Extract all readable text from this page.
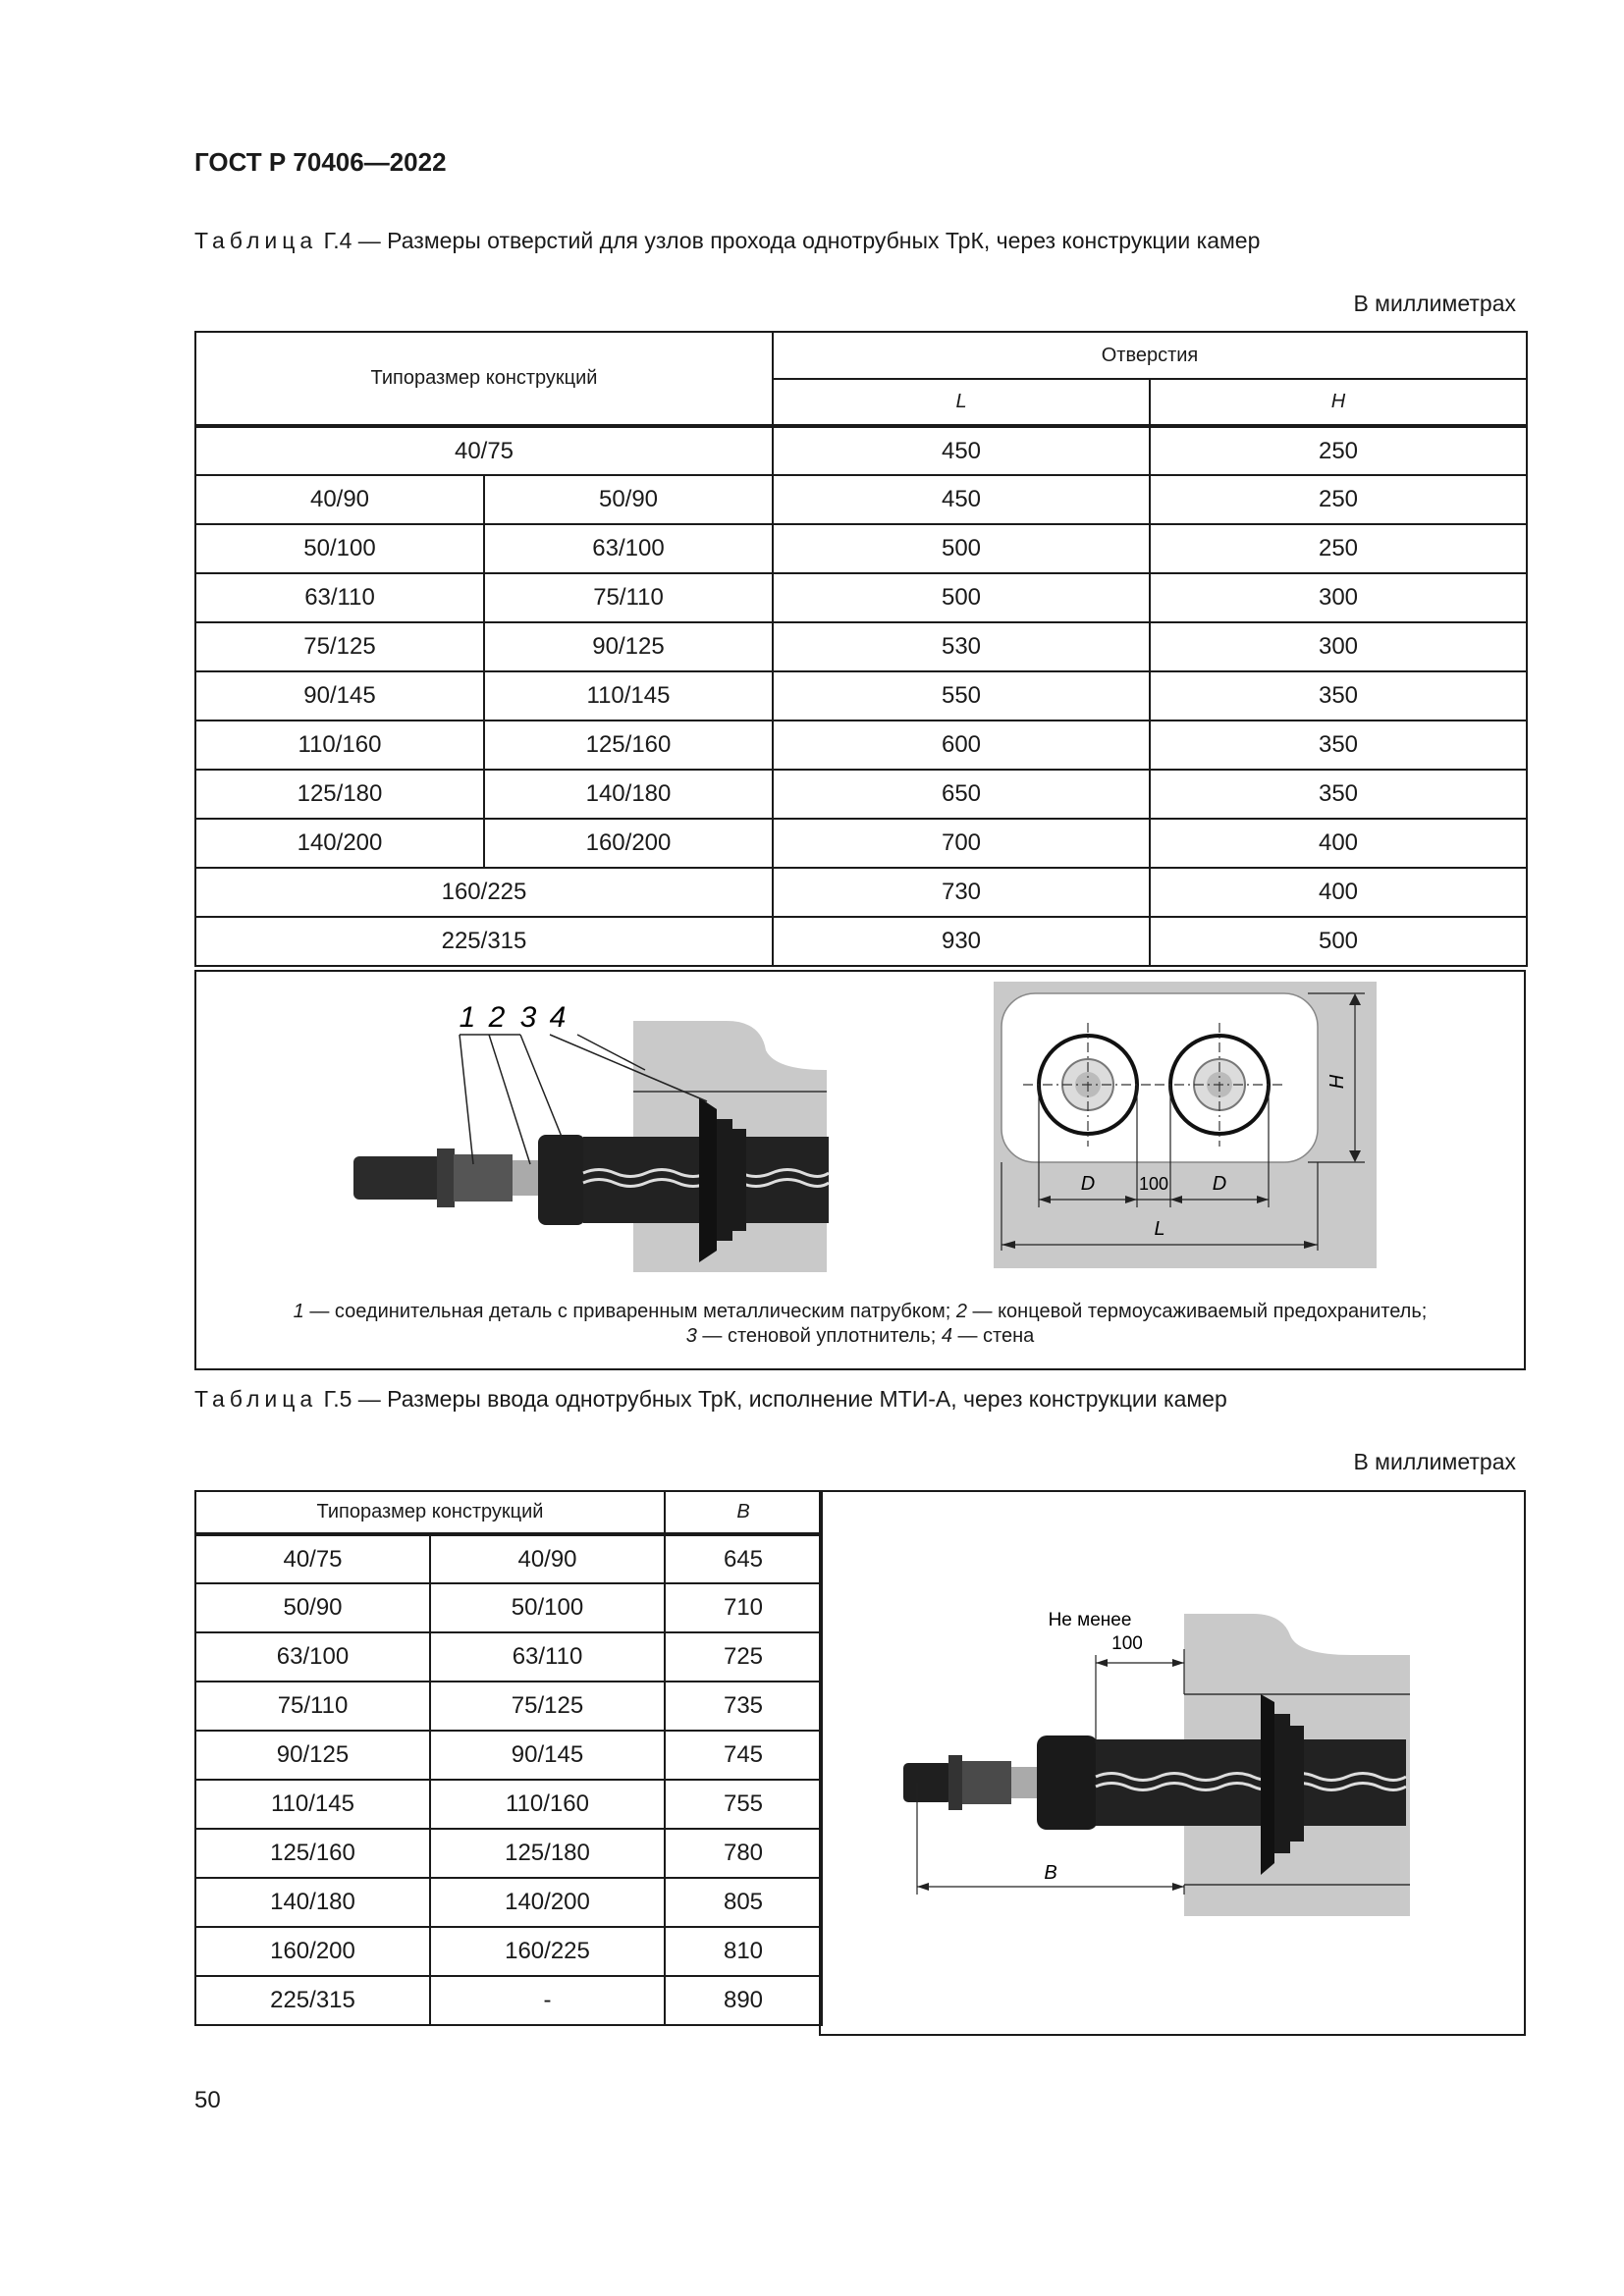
ГОСТ Р 70406—2022
Таблица Г.4 — Размеры отверстий для узлов прохода однотрубных ТрК, через конструкции камер
В миллиметрах
Типоразмер конструкций		Отверстия	
		L	H
40/75		450	250
40/90	50/90	450	250
50/100	63/100	500	250
63/110	75/110	500	300
75/125	90/125	530	300
90/145	110/145	550	350
110/160	125/160	600	350
125/180	140/180	650	350
140/200	160/200	700	400
160/225		730	400
225/315		930	500
1 2 3 4
H
D 100 D
L
1 — соединительная деталь с приваренным металлическим патрубком; 2 — концевой термоусаживаемый предохранитель;
3 — стеновой уплотнитель; 4 — стена
Таблица Г.5 — Размеры ввода однотрубных ТрК, исполнение МТИ-А, через конструкции камер
В миллиметрах
Типоразмер конструкций		B
40/75	40/90	645
50/90	50/100	710
63/100	63/110	725
75/110	75/125	735
90/125	90/145	745
110/145	110/160	755
125/160	125/180	780
140/180	140/200	805
160/200	160/225	810
225/315	-	890
Не менее
100
B
50
